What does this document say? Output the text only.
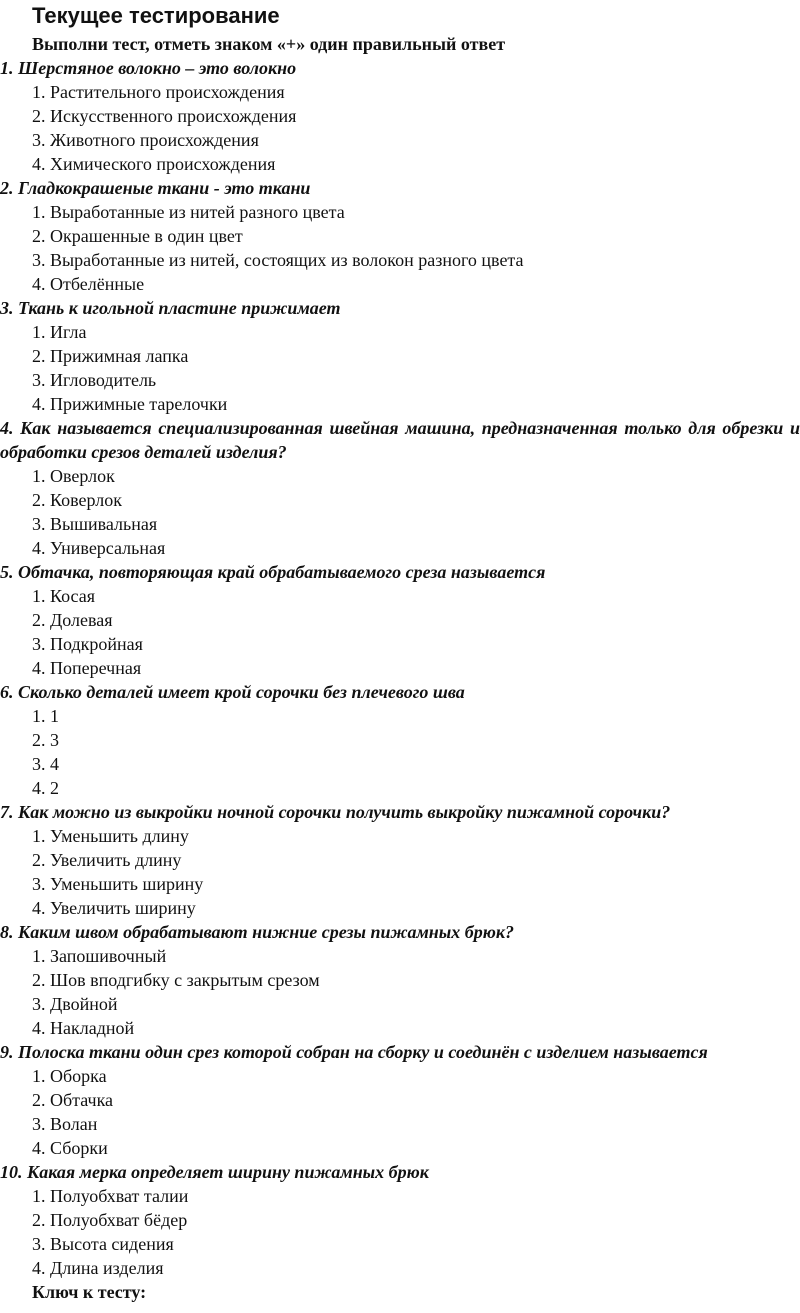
Текущее тестирование

Выполни тест, отметь знаком «+» один правильный ответ

1. Шерстяное волокно – это волокно

1. Растительного происхождения
2. Искусственного происхождения
3. Животного происхождения
4. Химического происхождения

2. Гладкокрашеные ткани - это ткани

1. Выработанные из нитей разного цвета
2. Окрашенные в один цвет
3. Выработанные из нитей, состоящих из волокон разного цвета
4. Отбелённые

3. Ткань к игольной пластине прижимает

1. Игла
2. Прижимная лапка
3. Игловодитель
4. Прижимные тарелочки

4. Как называется специализированная швейная машина, предназначенная только для обрезки и обработки срезов деталей изделия?

1. Оверлок
2. Коверлок
3. Вышивальная
4. Универсальная

5. Обтачка, повторяющая край обрабатываемого среза называется

1. Косая
2. Долевая
3. Подкройная
4. Поперечная

6. Сколько деталей имеет крой сорочки без плечевого шва

1. 1
2. 3
3. 4
4. 2

7. Как можно из выкройки ночной сорочки получить выкройку пижамной сорочки?

1. Уменьшить длину
2. Увеличить длину
3. Уменьшить ширину
4. Увеличить ширину

8. Каким швом обрабатывают нижние срезы пижамных брюк?

1. Запошивочный
2. Шов вподгибку с закрытым срезом
3. Двойной
4. Накладной

9. Полоска ткани один срез которой собран на сборку и соединён с изделием называется

1. Оборка
2. Обтачка
3. Волан
4. Сборки

10. Какая мерка определяет ширину пижамных брюк

1. Полуобхват талии
2. Полуобхват бёдер
3. Высота сидения
4. Длина изделия

Ключ к тесту:
